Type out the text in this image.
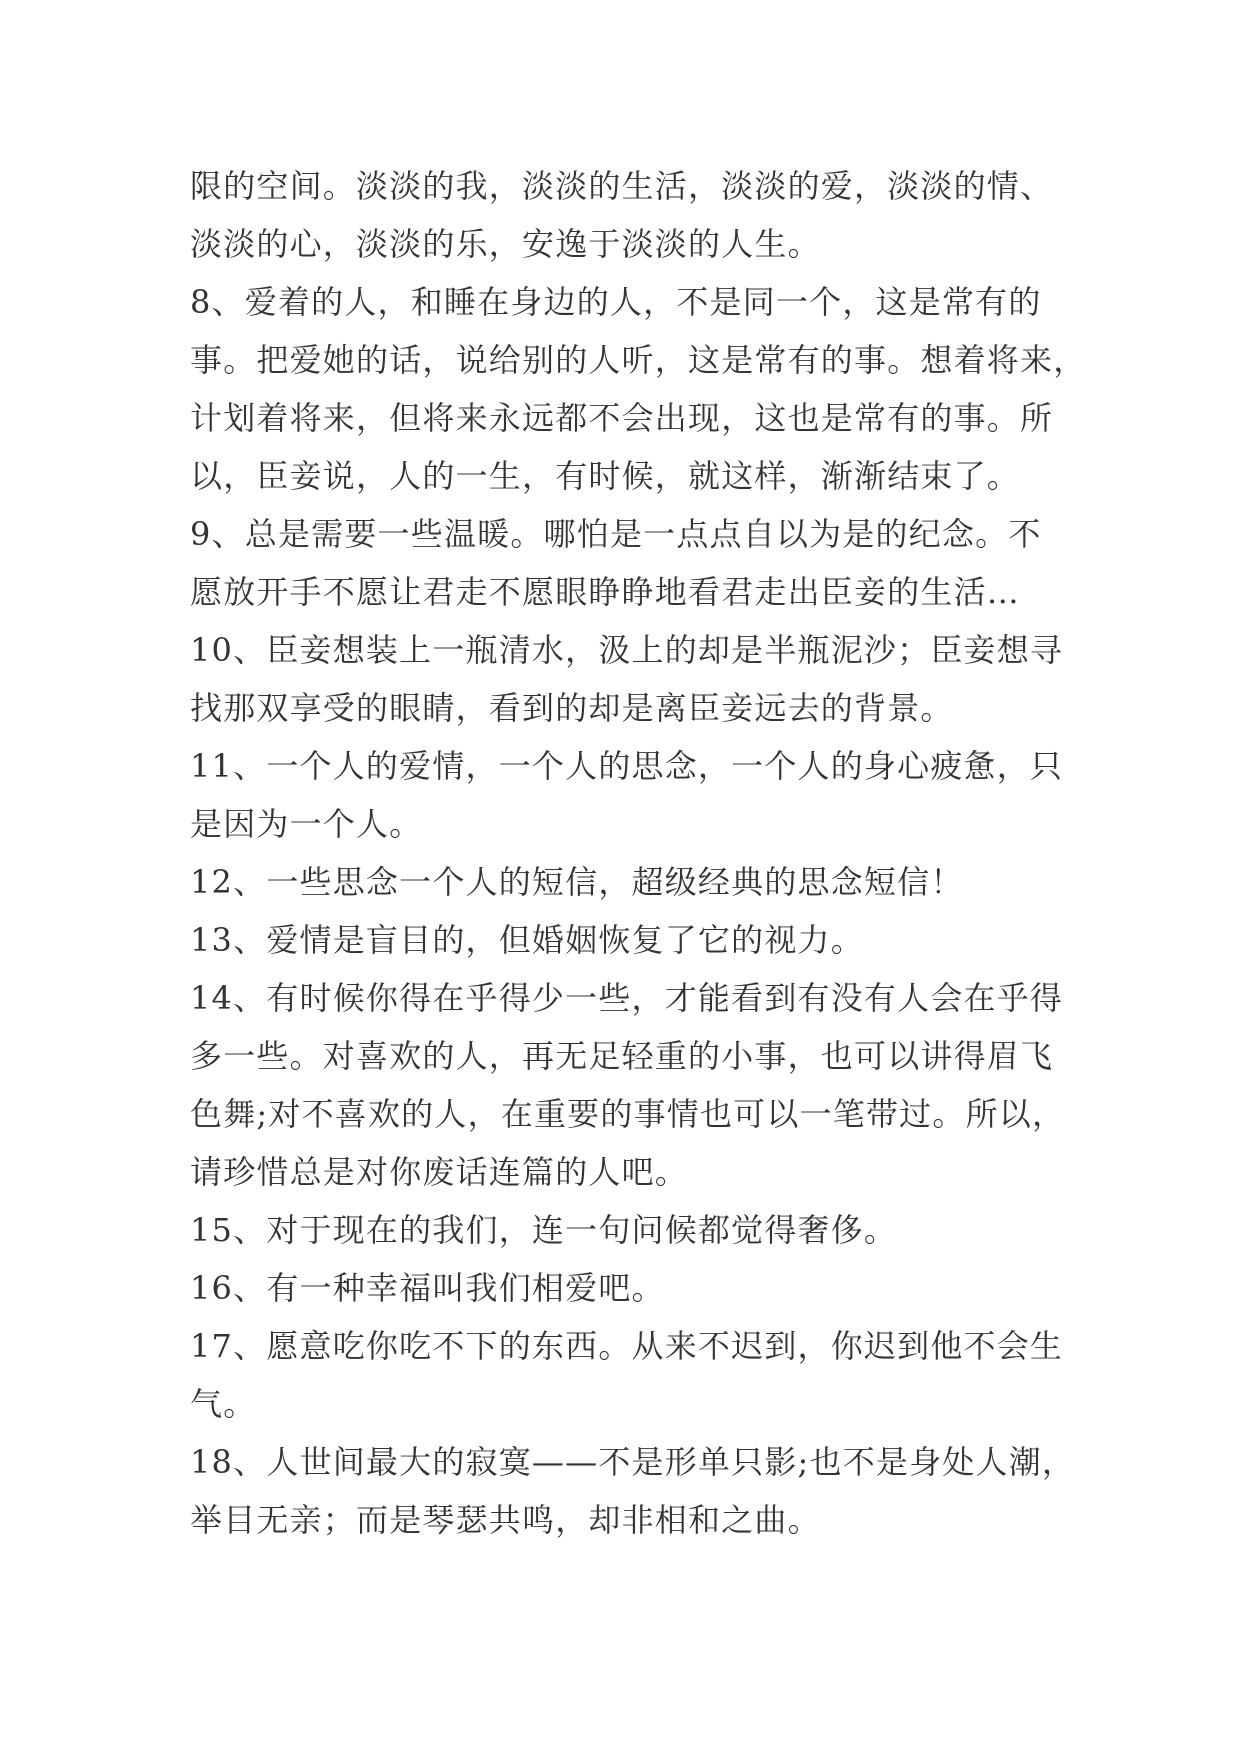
限的空间。淡淡的我，淡淡的生活，淡淡的爱，淡淡的情、
淡淡的心，淡淡的乐，安逸于淡淡的人生。
8、爱着的人，和睡在身边的人，不是同一个，这是常有的
事。把爱她的话，说给别的人听，这是常有的事。想着将来，
计划着将来，但将来永远都不会出现，这也是常有的事。所
以，臣妾说，人的一生，有时候，就这样，渐渐结束了。
9、总是需要一些温暖。哪怕是一点点自以为是的纪念。不
愿放开手不愿让君走不愿眼睁睁地看君走出臣妾的生活…
10、臣妾想装上一瓶清水，汲上的却是半瓶泥沙；臣妾想寻
找那双享受的眼睛，看到的却是离臣妾远去的背景。
11、一个人的爱情，一个人的思念，一个人的身心疲惫，只
是因为一个人。
12、一些思念一个人的短信，超级经典的思念短信！
13、爱情是盲目的，但婚姻恢复了它的视力。
14、有时候你得在乎得少一些，才能看到有没有人会在乎得
多一些。对喜欢的人，再无足轻重的小事，也可以讲得眉飞
色舞;对不喜欢的人，在重要的事情也可以一笔带过。所以，
请珍惜总是对你废话连篇的人吧。
15、对于现在的我们，连一句问候都觉得奢侈。
16、有一种幸福叫我们相爱吧。
17、愿意吃你吃不下的东西。从来不迟到，你迟到他不会生
气。
18、人世间最大的寂寞——不是形单只影;也不是身处人潮，
举目无亲；而是琴瑟共鸣，却非相和之曲。
